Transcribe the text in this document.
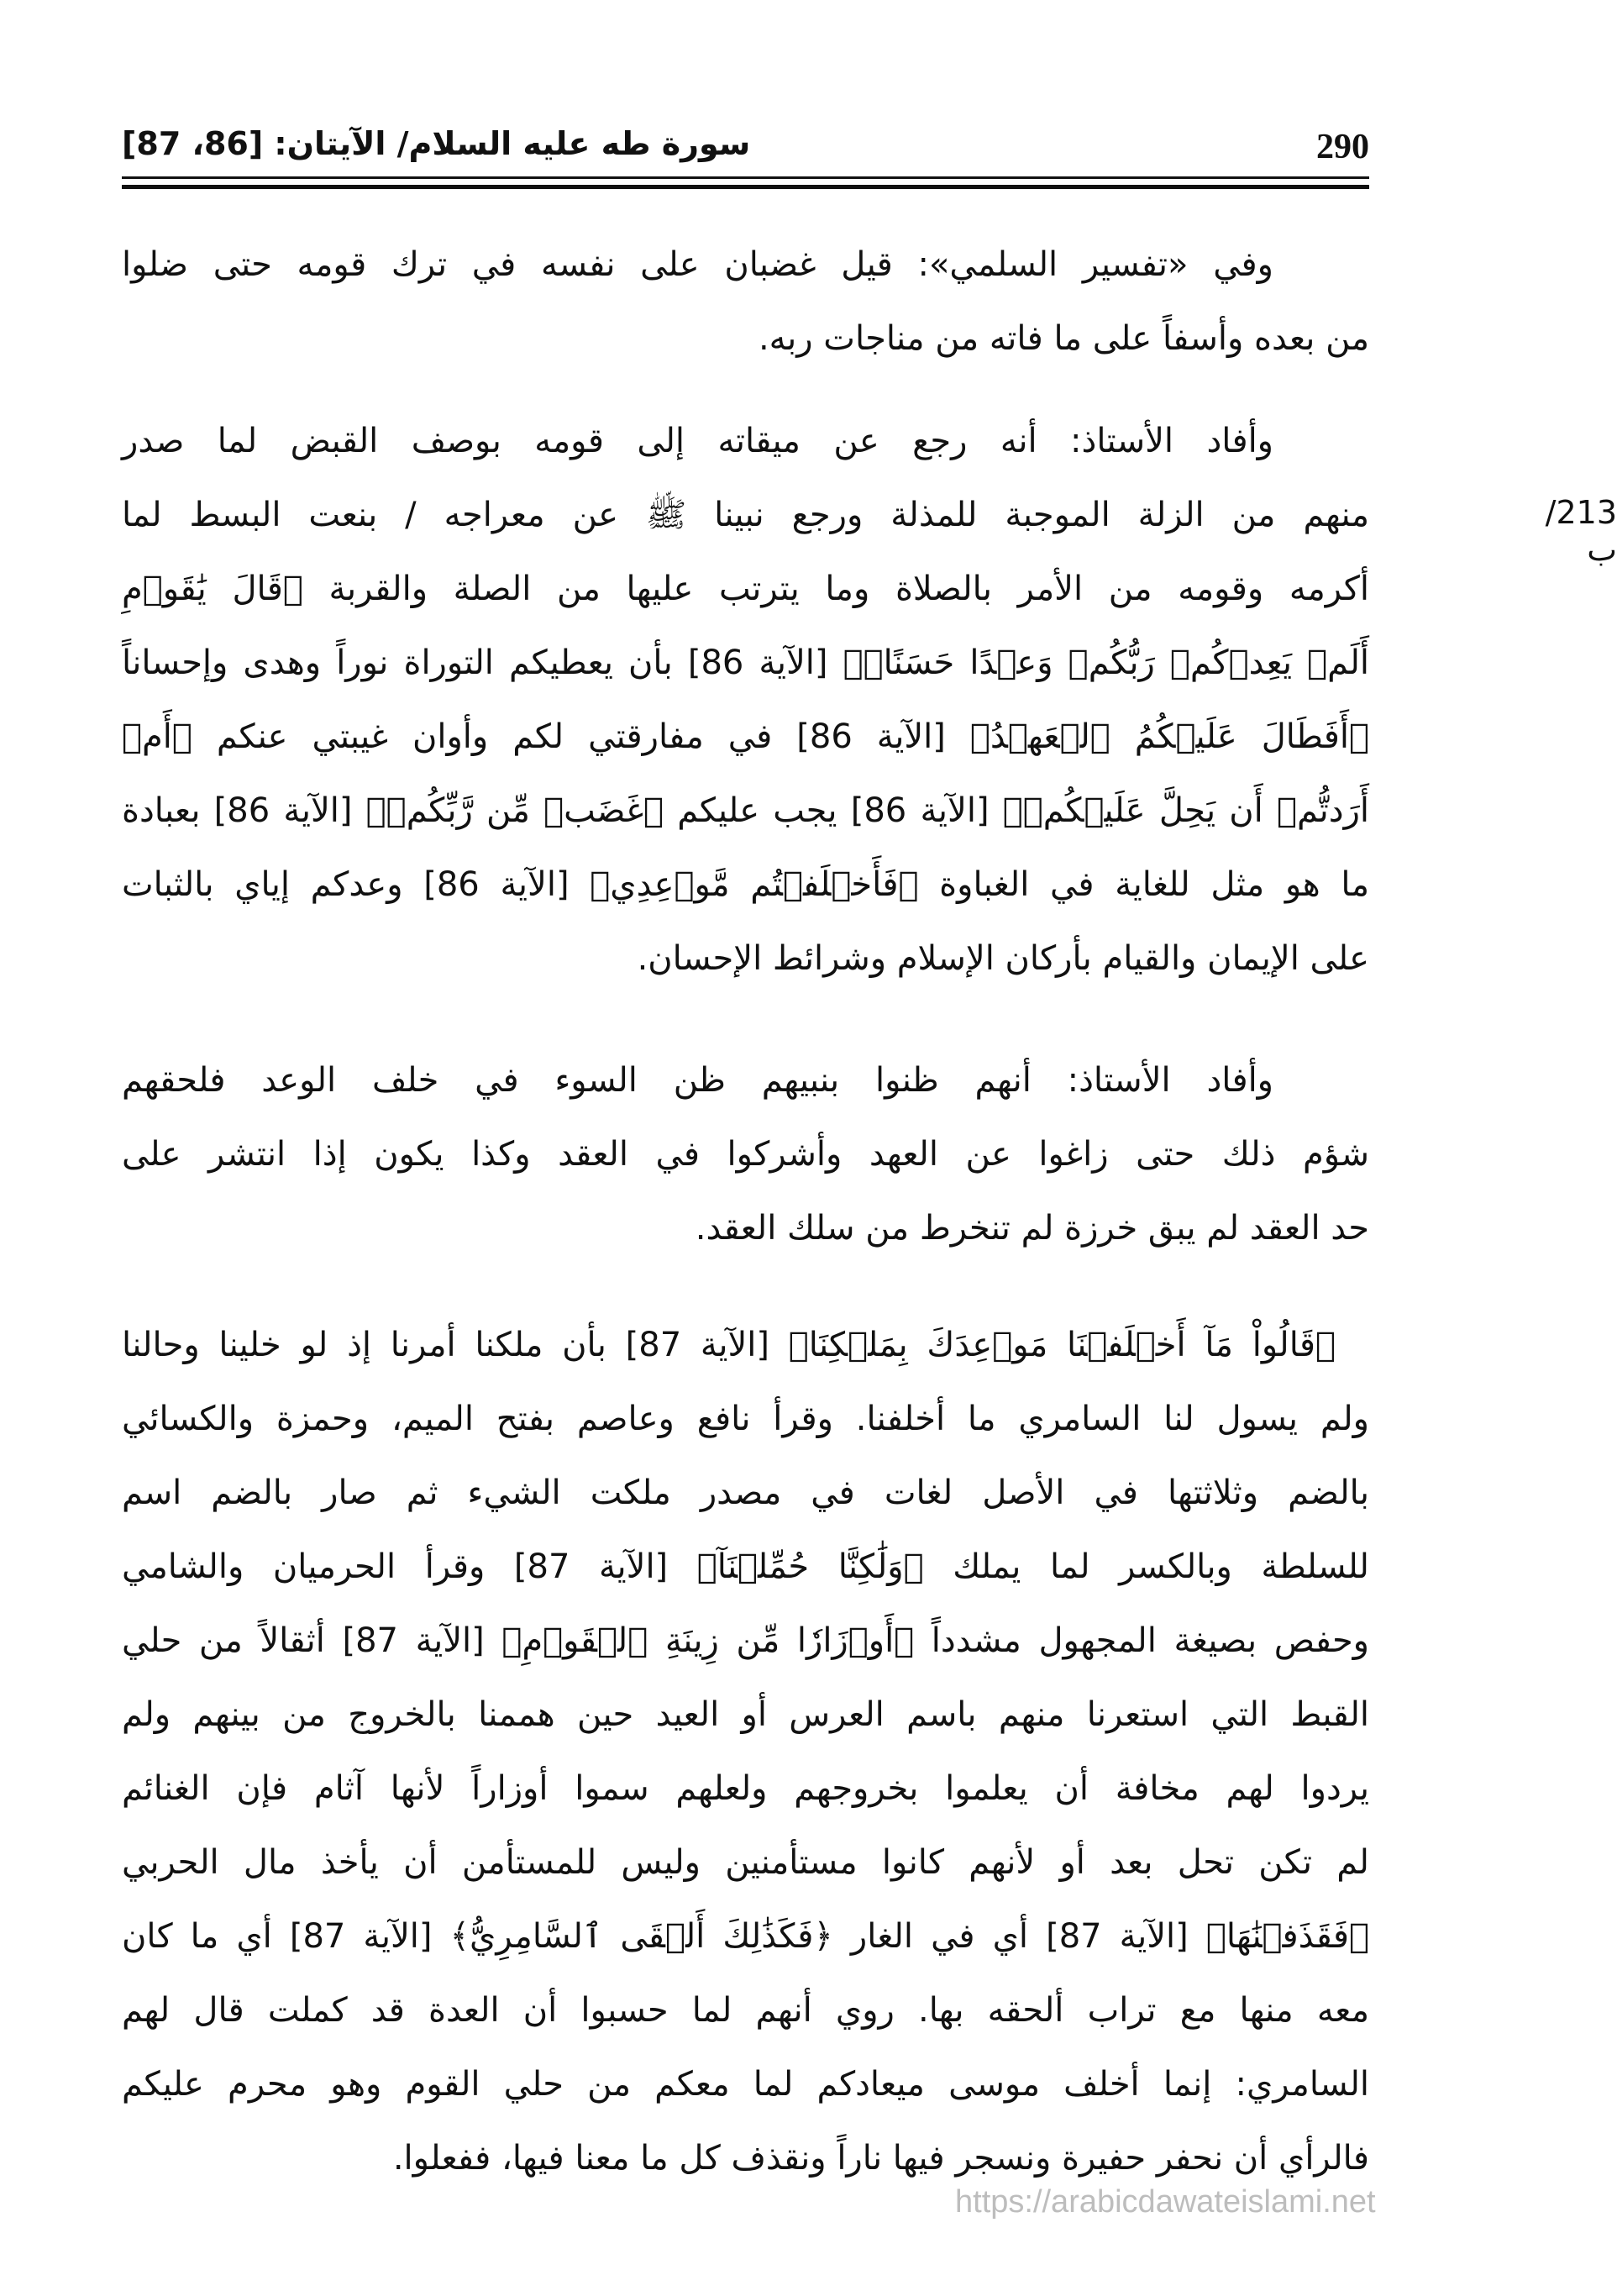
290
سورة طه عليه السلام/ الآيتان: [86، 87]
213/ب
وفي «تفسير السلمي»: قيل غضبان على نفسه في ترك قومه حتى ضلوا
من بعده وأسفاً على ما فاته من مناجات ربه.
وأفاد الأستاذ: أنه رجع عن ميقاته إلى قومه بوصف القبض لما صدر
منهم من الزلة الموجبة للمذلة ورجع نبينا ﷺ عن معراجه / بنعت البسط لما
أكرمه وقومه من الأمر بالصلاة وما يترتب عليها من الصلة والقربة ﴿قَالَ يَٰقَوۡمِ
أَلَمۡ يَعِدۡكُمۡ رَبُّكُمۡ وَعۡدًا حَسَنًاۚ﴾ [الآية 86] بأن يعطيكم التوراة نوراً وهدى وإحساناً
﴿أَفَطَالَ عَلَيۡكُمُ ٱلۡعَهۡدُ﴾ [الآية 86] في مفارقتي لكم وأوان غيبتي عنكم ﴿أَمۡ
أَرَدتُّمۡ أَن يَحِلَّ عَلَيۡكُمۡ﴾ [الآية 86] يجب عليكم ﴿غَضَبٞ مِّن رَّبِّكُمۡ﴾ [الآية 86] بعبادة
ما هو مثل للغاية في الغباوة ﴿فَأَخۡلَفۡتُم مَّوۡعِدِي﴾ [الآية 86] وعدكم إياي بالثبات
على الإيمان والقيام بأركان الإسلام وشرائط الإحسان.
وأفاد الأستاذ: أنهم ظنوا بنبيهم ظن السوء في خلف الوعد فلحقهم
شؤم ذلك حتى زاغوا عن العهد وأشركوا في العقد وكذا يكون إذا انتشر على
حد العقد لم يبق خرزة لم تنخرط من سلك العقد.
﴿قَالُواْ مَآ أَخۡلَفۡنَا مَوۡعِدَكَ بِمَلۡكِنَا﴾ [الآية 87] بأن ملكنا أمرنا إذ لو خلينا وحالنا
ولم يسول لنا السامري ما أخلفنا. وقرأ نافع وعاصم بفتح الميم، وحمزة والكسائي
بالضم وثلاثتها في الأصل لغات في مصدر ملكت الشيء ثم صار بالضم اسم
للسلطة وبالكسر لما يملك ﴿وَلَٰكِنَّا حُمِّلۡنَآ﴾ [الآية 87] وقرأ الحرميان والشامي
وحفص بصيغة المجهول مشدداً ﴿أَوۡزَارٗا مِّن زِينَةِ ٱلۡقَوۡمِ﴾ [الآية 87] أثقالاً من حلي
القبط التي استعرنا منهم باسم العرس أو العيد حين هممنا بالخروج من بينهم ولم
يردوا لهم مخافة أن يعلموا بخروجهم ولعلهم سموا أوزاراً لأنها آثام فإن الغنائم
لم تكن تحل بعد أو لأنهم كانوا مستأمنين وليس للمستأمن أن يأخذ مال الحربي
﴿فَقَذَفۡنَٰهَا﴾ [الآية 87] أي في الغار ﴿فَكَذَٰلِكَ أَلۡقَى ٱلسَّامِرِيُّ﴾ [الآية 87] أي ما كان
معه منها مع تراب ألحقه بها. روي أنهم لما حسبوا أن العدة قد كملت قال لهم
السامري: إنما أخلف موسى ميعادكم لما معكم من حلي القوم وهو محرم عليكم
فالرأي أن نحفر حفيرة ونسجر فيها ناراً ونقذف كل ما معنا فيها، ففعلوا.
https://arabicdawateislami.net
